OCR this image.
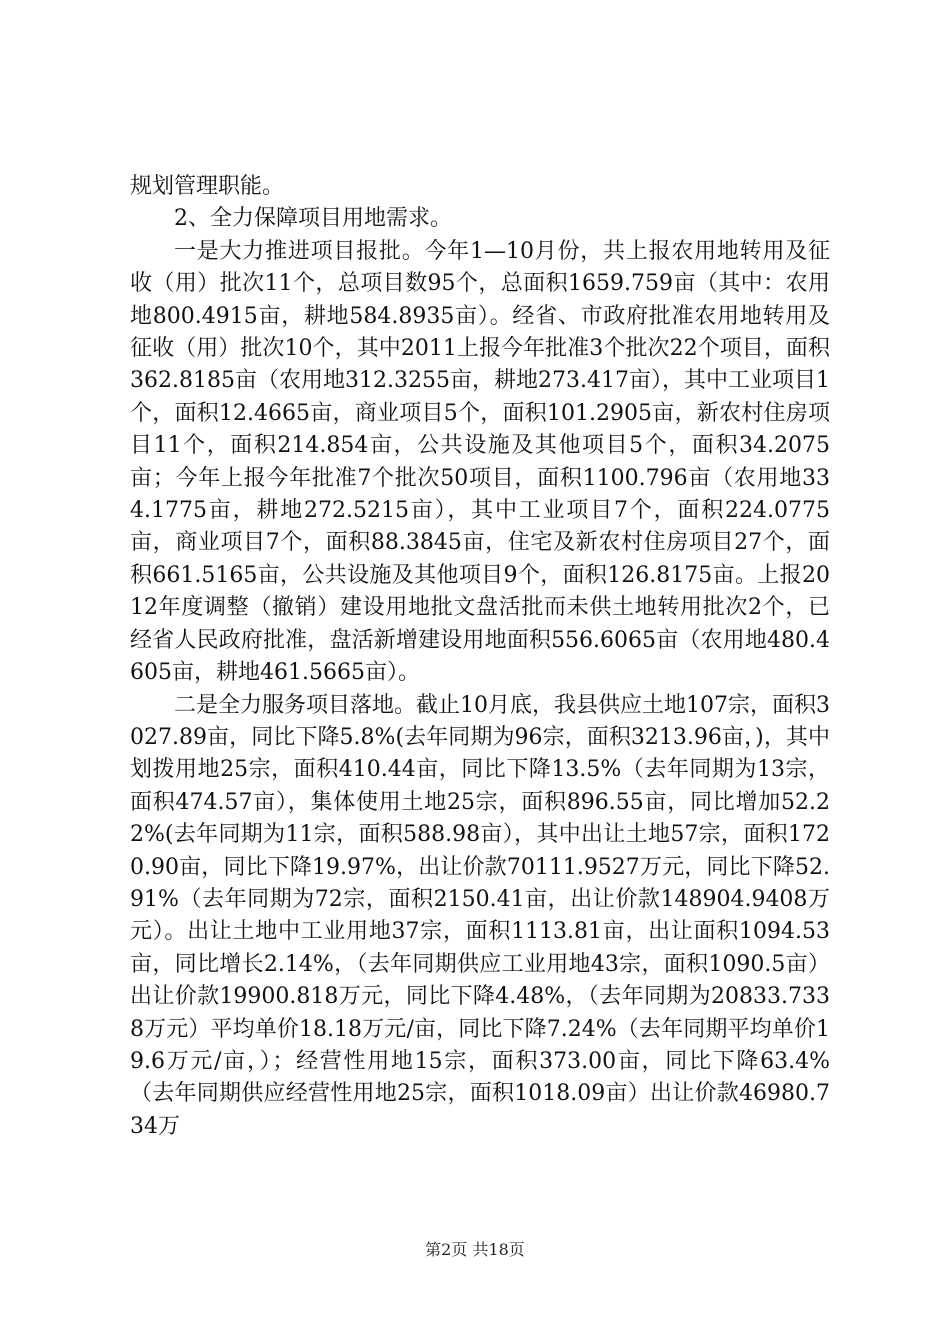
规划管理职能。

2、全力保障项目用地需求。

一是大力推进项目报批。今年1—10月份，共上报农用地转用及征收（用）批次11个，总项目数95个，总面积1659.759亩（其中：农用地800.4915亩，耕地584.8935亩）。经省、市政府批准农用地转用及征收（用）批次10个，其中2011上报今年批准3个批次22个项目，面积362.8185亩（农用地312.3255亩，耕地273.417亩），其中工业项目1个，面积12.4665亩，商业项目5个，面积101.2905亩，新农村住房项目11个，面积214.854亩，公共设施及其他项目5个，面积34.2075亩；今年上报今年批准7个批次50项目，面积1100.796亩（农用地334.1775亩，耕地272.5215亩），其中工业项目7个，面积224.0775亩，商业项目7个，面积88.3845亩，住宅及新农村住房项目27个，面积661.5165亩，公共设施及其他项目9个，面积126.8175亩。上报2012年度调整（撤销）建设用地批文盘活批而未供土地转用批次2个，已经省人民政府批准，盘活新增建设用地面积556.6065亩（农用地480.4605亩，耕地461.5665亩）。

二是全力服务项目落地。截止10月底，我县供应土地107宗，面积3027.89亩，同比下降5.8%(去年同期为96宗，面积3213.96亩，)，其中划拨用地25宗，面积410.44亩，同比下降13.5%（去年同期为13宗，面积474.57亩），集体使用土地25宗，面积896.55亩，同比增加52.22%(去年同期为11宗，面积588.98亩），其中出让土地57宗，面积1720.90亩，同比下降19.97%，出让价款70111.9527万元，同比下降52.91%（去年同期为72宗，面积2150.41亩，出让价款148904.9408万元）。出让土地中工业用地37宗，面积1113.81亩，出让面积1094.53亩，同比增长2.14%，（去年同期供应工业用地43宗，面积1090.5亩）出让价款19900.818万元，同比下降4.48%，（去年同期为20833.7338万元）平均单价18.18万元/亩，同比下降7.24%（去年同期平均单价19.6万元/亩，）；经营性用地15宗，面积373.00亩，同比下降63.4%（去年同期供应经营性用地25宗，面积1018.09亩）出让价款46980.734万

第2页 共18页
